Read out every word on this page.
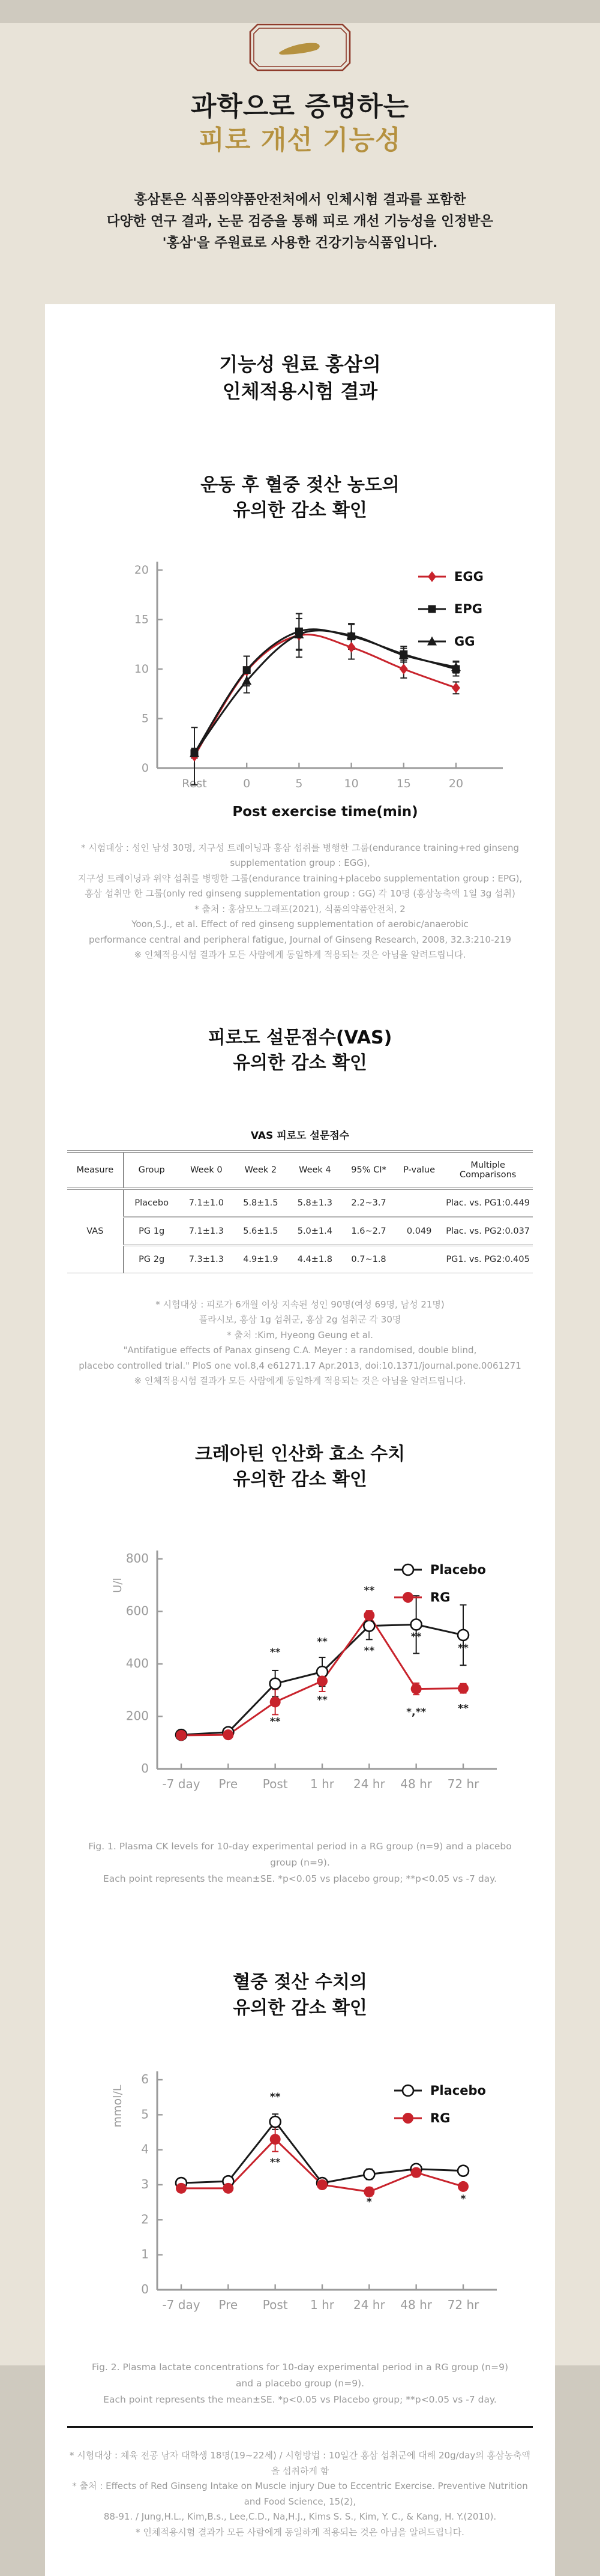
과학으로 증명하는
피로 개선 기능성
홍삼톤은 식품의약품안전처에서 인체시험 결과를 포함한
다양한 연구 결과, 논문 검증을 통해 피로 개선 기능성을 인정받은
'홍삼'을 주원료로 사용한 건강기능식품입니다.
기능성 원료 홍삼의
인체적용시험 결과
운동 후 혈중 젖산 농도의
유의한 감소 확인
0
5
10
15
20
Rest	0	5	10	15	20
Post exercise time(min)
EGG
EPG
GG
* 시험대상 : 성인 남성 30명, 지구성 트레이닝과 홍삼 섭취를 병행한 그룹(endurance training+red ginseng supplementation group : EGG),
지구성 트레이닝과 위약 섭취를 병행한 그룹(endurance training+placebo supplementation group : EPG),
홍삼 섭취만 한 그룹(only red ginseng supplementation group : GG) 각 10명 (홍삼농축액 1일 3g 섭취)
* 출처 : 홍삼모노그래프(2021), 식품의약품안전처, 2
Yoon,S.J., et al. Effect of red ginseng supplementation of aerobic/anaerobic
performance central and peripheral fatigue, Journal of Ginseng Research, 2008, 32.3:210-219
※ 인체적용시험 결과가 모든 사람에게 동일하게 적용되는 것은 아님을 알려드립니다.
피로도 설문점수(VAS)
유의한 감소 확인
VAS 피로도 설문점수
Measure	Group	Week 0	Week 2	Week 4	95% CI*	P-value	Multiple Comparisons
VAS	Placebo	7.1±1.0	5.8±1.5	5.8±1.3	2.2~3.7		Plac. vs. PG1:0.449
	PG 1g	7.1±1.3	5.6±1.5	5.0±1.4	1.6~2.7	0.049	Plac. vs. PG2:0.037
	PG 2g	7.3±1.3	4.9±1.9	4.4±1.8	0.7~1.8		PG1. vs. PG2:0.405
* 시험대상 : 피로가 6개월 이상 지속된 성인 90명(여성 69명, 남성 21명)
플라시보, 홍삼 1g 섭취군, 홍삼 2g 섭취군 각 30명
* 출처 :Kim, Hyeong Geung et al.
"Antifatigue effects of Panax ginseng C.A. Meyer : a randomised, double blind,
placebo controlled trial." PloS one vol.8,4 e61271.17 Apr.2013, doi:10.1371/journal.pone.0061271
※ 인체적용시험 결과가 모든 사람에게 동일하게 적용되는 것은 아님을 알려드립니다.
크레아틴 인산화 효소 수치
유의한 감소 확인
0
200
400
600
800
-7 day Pre Post 1 hr 24 hr 48 hr 72 hr
U/l
**
**
**
**
**
**
**
*,**
**
**
Placebo
RG
Fig. 1. Plasma CK levels for 10-day experimental period in a RG group (n=9) and a placebo group (n=9).
Each point represents the mean±SE. *p<0.05 vs placebo group; **p<0.05 vs -7 day.
혈중 젖산 수치의
유의한 감소 확인
0
1
2
3
4
5
6
-7 day Pre Post 1 hr 24 hr 48 hr 72 hr
mmol/L	**
**
*	*
Placebo
RG
Fig. 2. Plasma lactate concentrations for 10-day experimental period in a RG group (n=9) and a placebo group (n=9).
Each point represents the mean±SE. *p<0.05 vs Placebo group; **p<0.05 vs -7 day.
* 시험대상 : 체육 전공 남자 대학생 18명(19~22세) / 시험방법 : 10일간 홍삼 섭취군에 대해 20g/day의 홍삼농축액을 섭취하게 함
* 출처 : Effects of Red Ginseng Intake on Muscle injury Due to Eccentric Exercise. Preventive Nutrition and Food Science, 15(2),
88-91. / Jung,H.L., Kim,B.s., Lee,C.D., Na,H.J., Kims S. S., Kim, Y. C., & Kang, H. Y.(2010).
* 인체적용시험 결과가 모든 사람에게 동일하게 적용되는 것은 아님을 알려드립니다.
